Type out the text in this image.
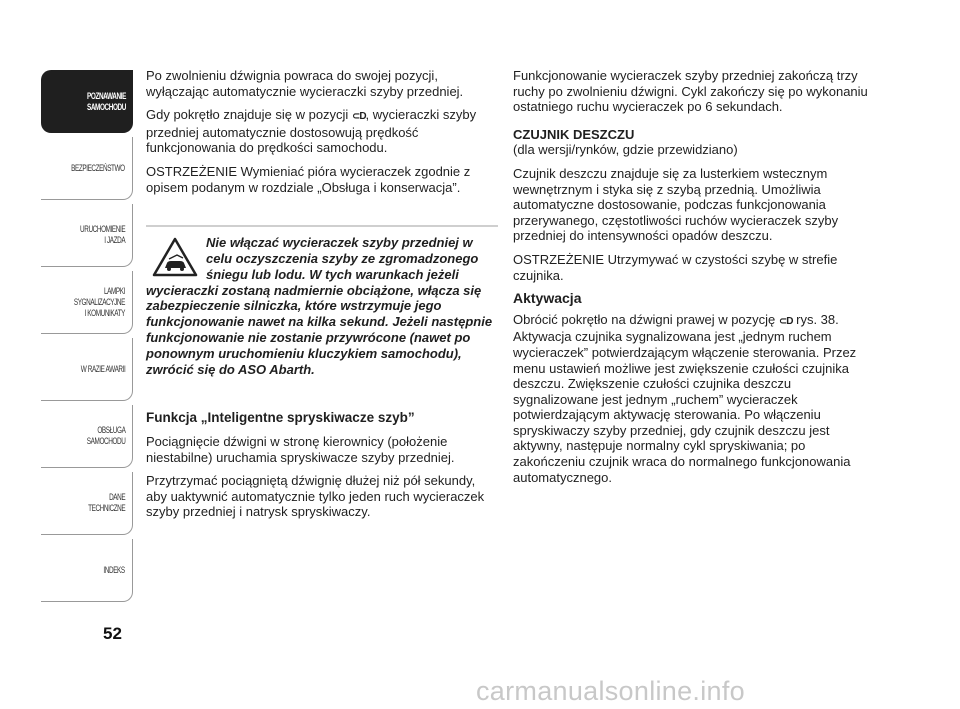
POZNAWANIE
SAMOCHODU
BEZPIECZEŃSTWO
URUCHOMIENIE
I JAZDA
LAMPKI SYGNALIZACYJNE
I KOMUNIKATY
W RAZIE AWARII
OBSŁUGA
SAMOCHODU
DANE
TECHNICZNE
INDEKS
52

Po zwolnieniu dźwignia powraca do swojej pozycji, wyłączając automatycznie wycieraczki szyby przedniej.

Gdy pokrętło znajduje się w pozycji ⊂D, wycieraczki szyby przedniej automatycznie dostosowują prędkość funkcjonowania do prędkości samochodu.

OSTRZEŻENIE Wymieniać pióra wycieraczek zgodnie z opisem podanym w rozdziale „Obsługa i konserwacja”.

Nie włączać wycieraczek szyby przedniej w celu oczyszczenia szyby ze zgromadzonego śniegu lub lodu. W tych warunkach jeżeli wycieraczki zostaną nadmiernie obciążone, włącza się zabezpieczenie silniczka, które wstrzymuje jego funkcjonowanie nawet na kilka sekund. Jeżeli następnie funkcjonowanie nie zostanie przywrócone (nawet po ponownym uruchomieniu kluczykiem samochodu), zwrócić się do ASO Abarth.

Funkcja „Inteligentne spryskiwacze szyb”

Pociągnięcie dźwigni w stronę kierownicy (położenie niestabilne) uruchamia spryskiwacze szyby przedniej.

Przytrzymać pociągniętą dźwignię dłużej niż pół sekundy, aby uaktywnić automatycznie tylko jeden ruch wycieraczek szyby przedniej i natrysk spryskiwaczy.

Funkcjonowanie wycieraczek szyby przedniej zakończą trzy ruchy po zwolnieniu dźwigni. Cykl zakończy się po wykonaniu ostatniego ruchu wycieraczek po 6 sekundach.

CZUJNIK DESZCZU

(dla wersji/rynków, gdzie przewidziano)

Czujnik deszczu znajduje się za lusterkiem wstecznym wewnętrznym i styka się z szybą przednią. Umożliwia automatyczne dostosowanie, podczas funkcjonowania przerywanego, częstotliwości ruchów wycieraczek szyby przedniej do intensywności opadów deszczu.

OSTRZEŻENIE Utrzymywać w czystości szybę w strefie czujnika.

Aktywacja

Obrócić pokrętło na dźwigni prawej w pozycję ⊂D rys. 38. Aktywacja czujnika sygnalizowana jest „jednym ruchem wycieraczek” potwierdzającym włączenie sterowania. Przez menu ustawień możliwe jest zwiększenie czułości czujnika deszczu. Zwiększenie czułości czujnika deszczu sygnalizowane jest jednym „ruchem” wycieraczek potwierdzającym aktywację sterowania. Po włączeniu spryskiwaczy szyby przedniej, gdy czujnik deszczu jest aktywny, następuje normalny cykl spryskiwania; po zakończeniu czujnik wraca do normalnego funkcjonowania automatycznego.

carmanualsonline.info
